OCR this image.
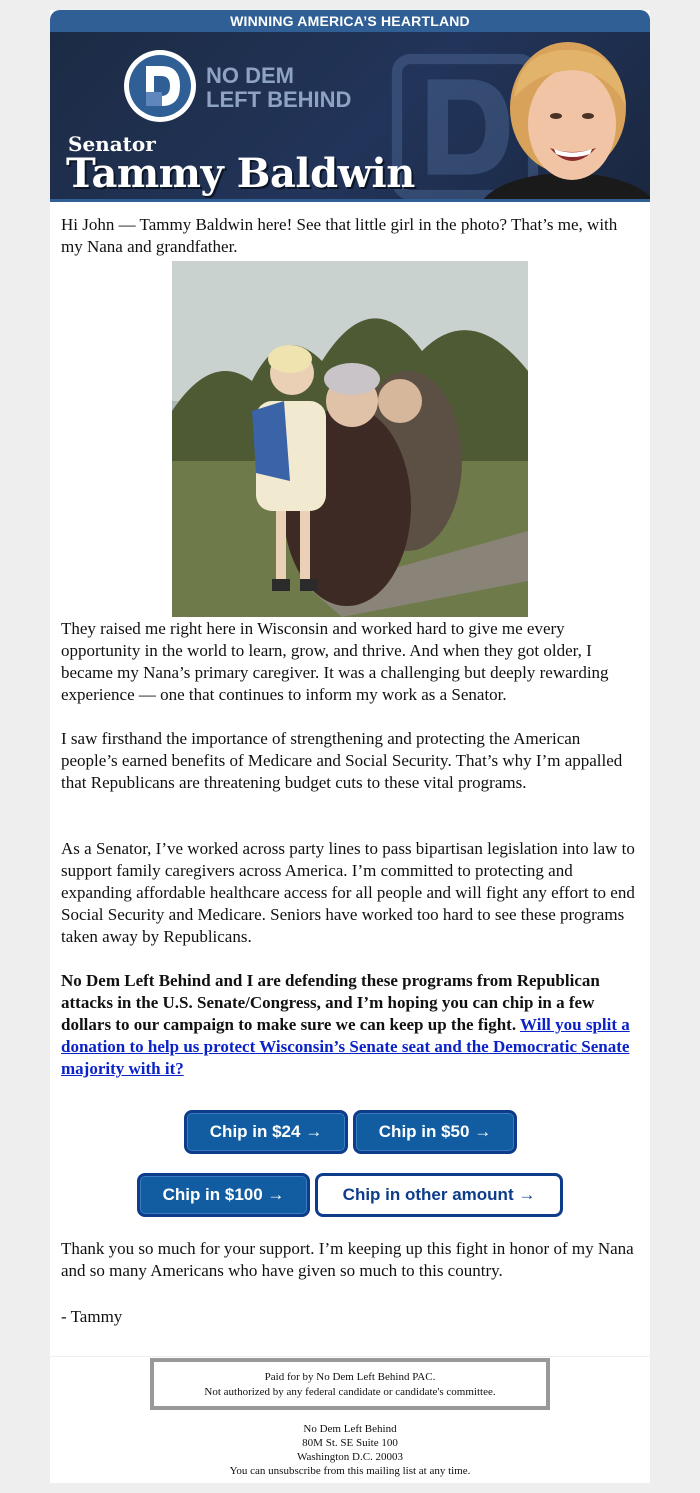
WINNING AMERICA’S HEARTLAND
NO DEM
LEFT BEHIND
Senator
Tammy Baldwin

Hi John — Tammy Baldwin here! See that little girl in the photo? That’s me, with my Nana and grandfather.

They raised me right here in Wisconsin and worked hard to give me every opportunity in the world to learn, grow, and thrive. And when they got older, I became my Nana’s primary caregiver. It was a challenging but deeply rewarding experience — one that continues to inform my work as a Senator.

I saw firsthand the importance of strengthening and protecting the American people’s earned benefits of Medicare and Social Security. That’s why I’m appalled that Republicans are threatening budget cuts to these vital programs.

As a Senator, I’ve worked across party lines to pass bipartisan legislation into law to support family caregivers across America. I’m committed to protecting and expanding affordable healthcare access for all people and will fight any effort to end Social Security and Medicare. Seniors have worked too hard to see these programs taken away by Republicans.

No Dem Left Behind and I are defending these programs from Republican attacks in the U.S. Senate/Congress, and I’m hoping you can chip in a few dollars to our campaign to make sure we can keep up the fight. Will you split a donation to help us protect Wisconsin’s Senate seat and the Democratic Senate majority with it?

Chip in $24 →	Chip in $50 →
Chip in $100 →	Chip in other amount →

Thank you so much for your support. I’m keeping up this fight in honor of my Nana and so many Americans who have given so much to this country.

- Tammy

Paid for by No Dem Left Behind PAC.
Not authorized by any federal candidate or candidate's committee.
No Dem Left Behind
80M St. SE Suite 100
Washington D.C. 20003
You can unsubscribe from this mailing list at any time.
